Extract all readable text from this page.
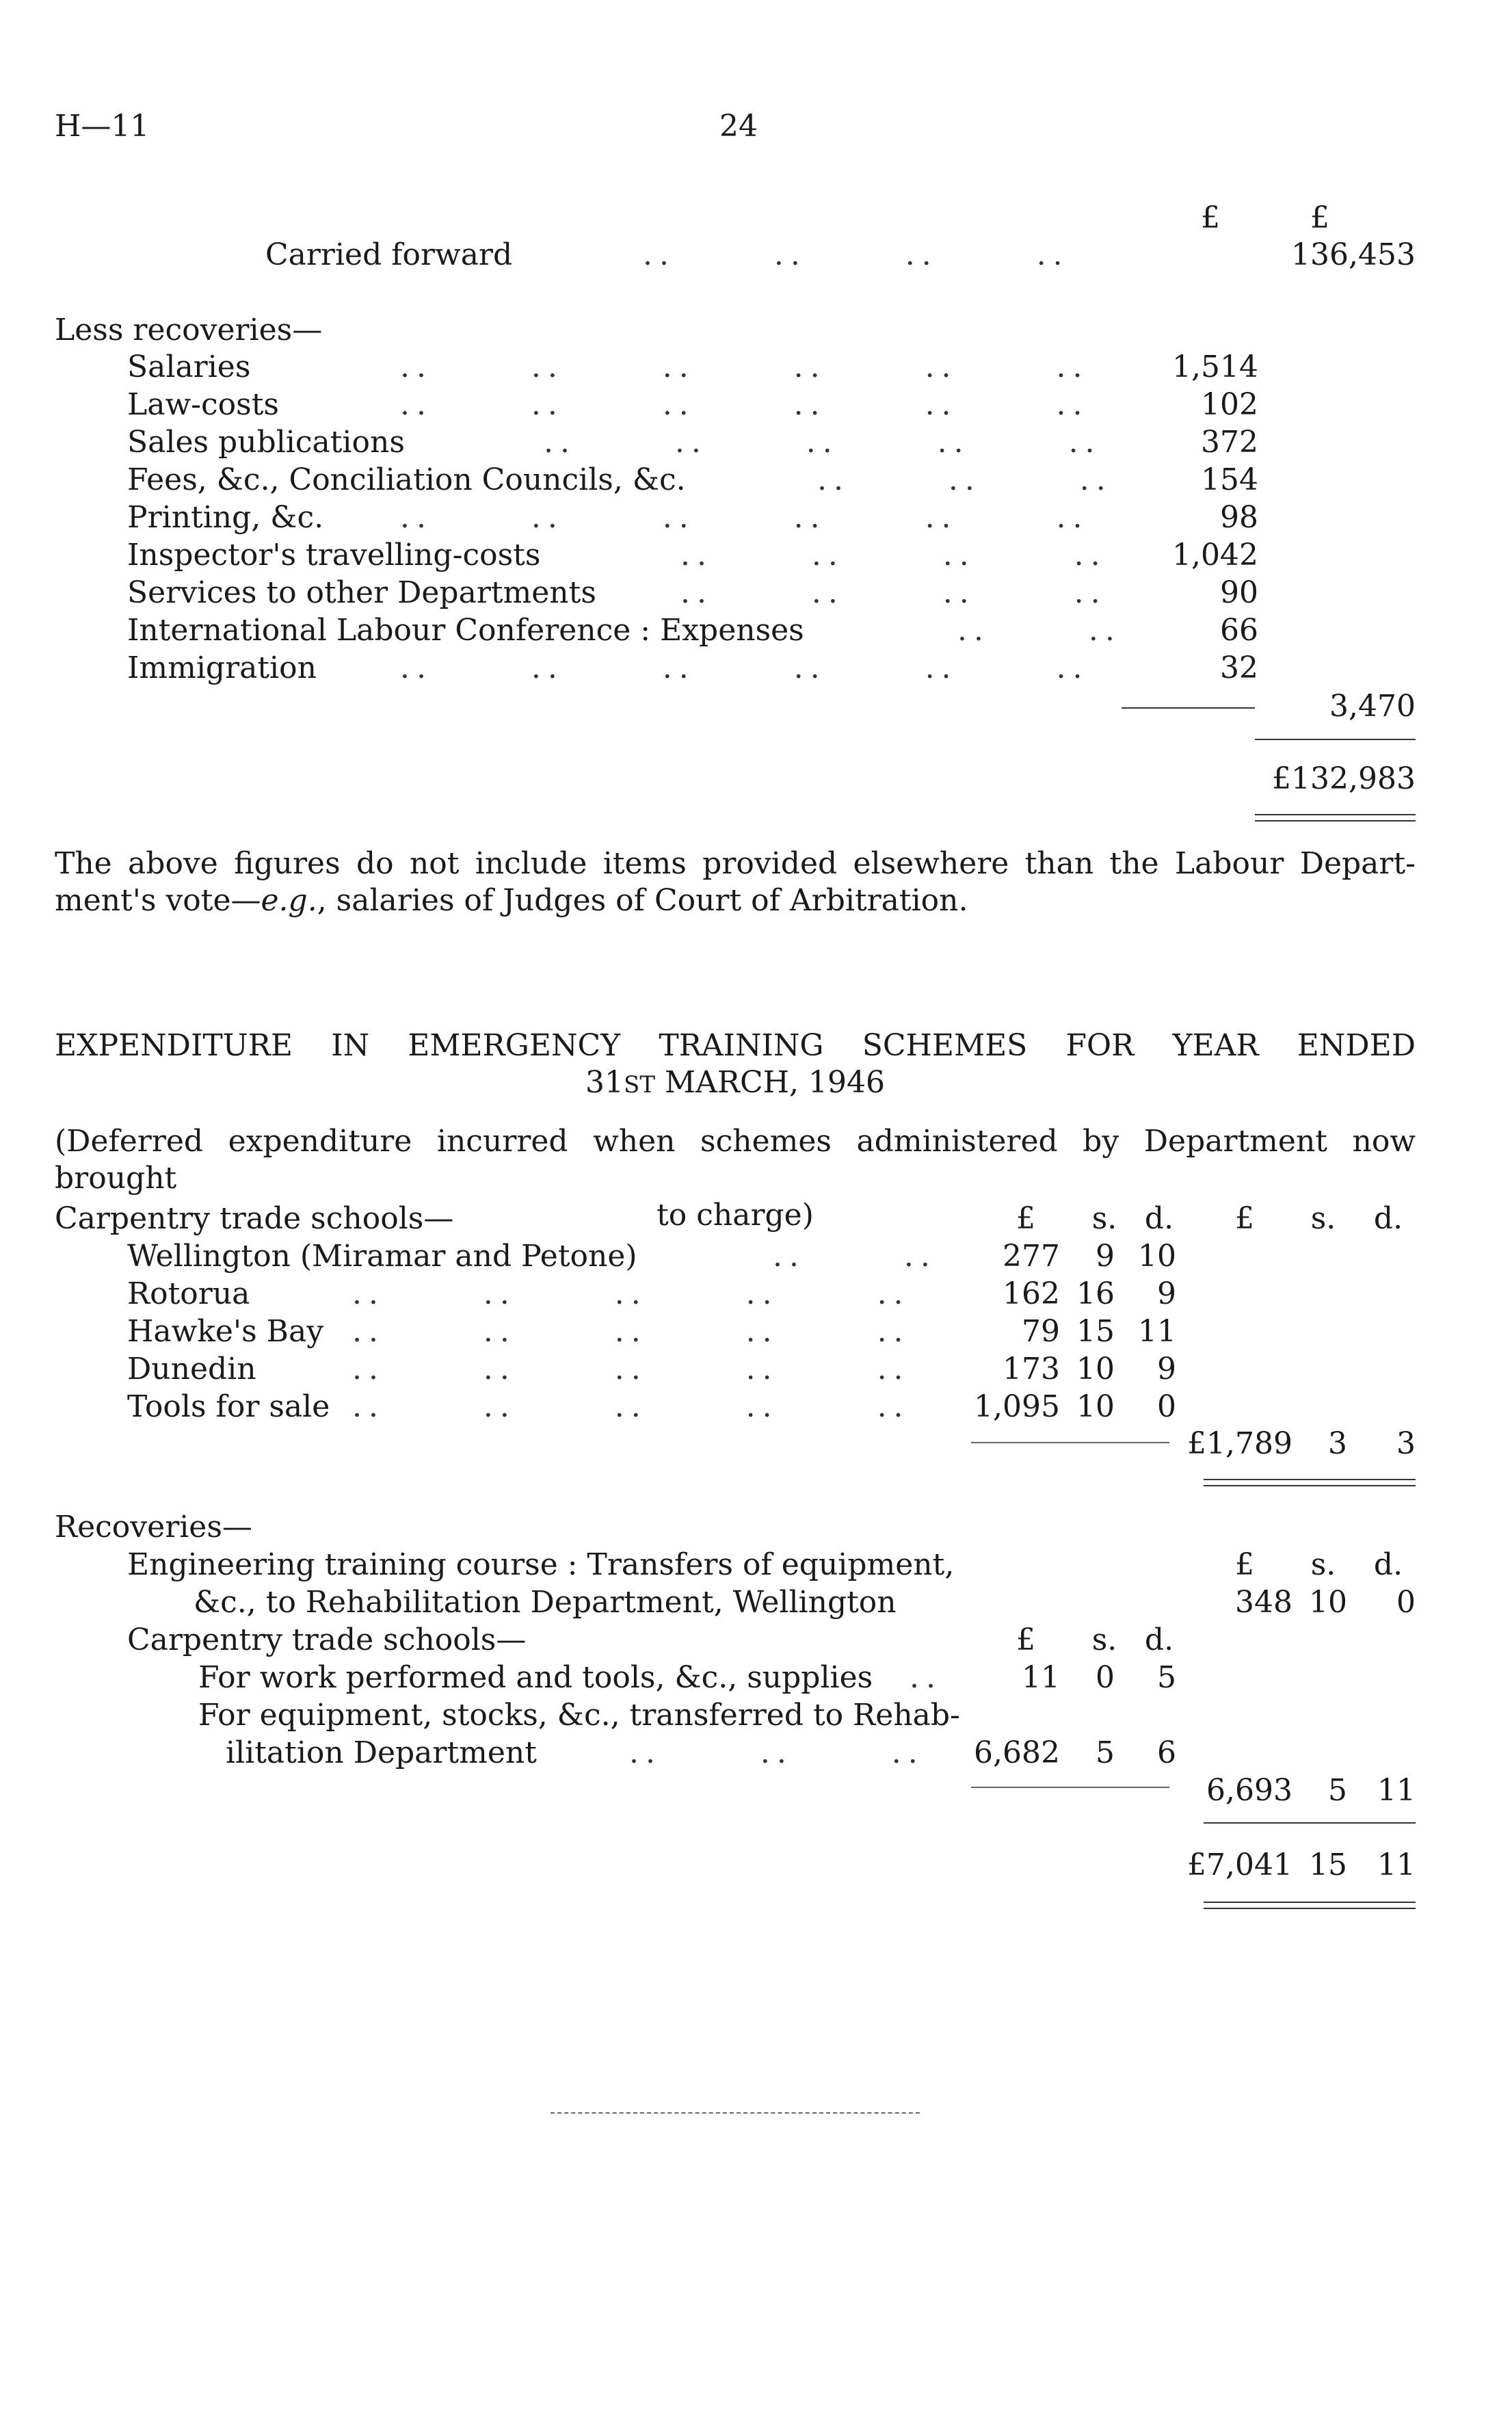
H—11	24
£	£
Carried forward	..      ..      ..      ..	136,453
Less recoveries—
Salaries	1,514
Law-costs	102
Sales publications	372
Fees, &c., Conciliation Councils, &c.	154
Printing, &c.	98
Inspector's travelling-costs	1,042
Services to other Departments	90
International Labour Conference : Expenses	66
Immigration	32
..      ..      ..      ..      ..      ..
..      ..      ..      ..      ..      ..
..      ..      ..      ..      ..
..      ..      ..
..      ..      ..      ..      ..      ..
..      ..      ..      ..
..      ..      ..      ..
..      ..
..      ..      ..      ..      ..      ..
3,470
£132,983
The above figures do not include items provided elsewhere than the Labour Depart-
ment's vote—e.g., salaries of Judges of Court of Arbitration.
EXPENDITURE IN EMERGENCY TRAINING SCHEMES FOR YEAR ENDED
31ST MARCH, 1946
(Deferred expenditure incurred when schemes administered by Department now brought
to charge)
Carpentry trade schools—	£	s. d.	£	s.	d.
Wellington (Miramar and Petone)	..      ..	277	9 10
Rotorua	..      ..      ..      ..      ..	162 16	9
Hawke's Bay ..      ..      ..      ..      ..	79 15 11
Dunedin	..      ..      ..      ..      ..	173 10	9
Tools for sale ..      ..      ..      ..      ..	1,095 10	0
£1,789	3	3
Recoveries—
£	s.	d.
Engineering training course : Transfers of equipment,
&c., to Rehabilitation Department, Wellington	348 10	0
Carpentry trade schools—	£	s. d.
For work performed and tools, &c., supplies ..	11	0	5
For equipment, stocks, &c., transferred to Rehab-
ilitation Department	..      ..      ..	6,682	5	6
6,693	5	11
£7,041 15	11
